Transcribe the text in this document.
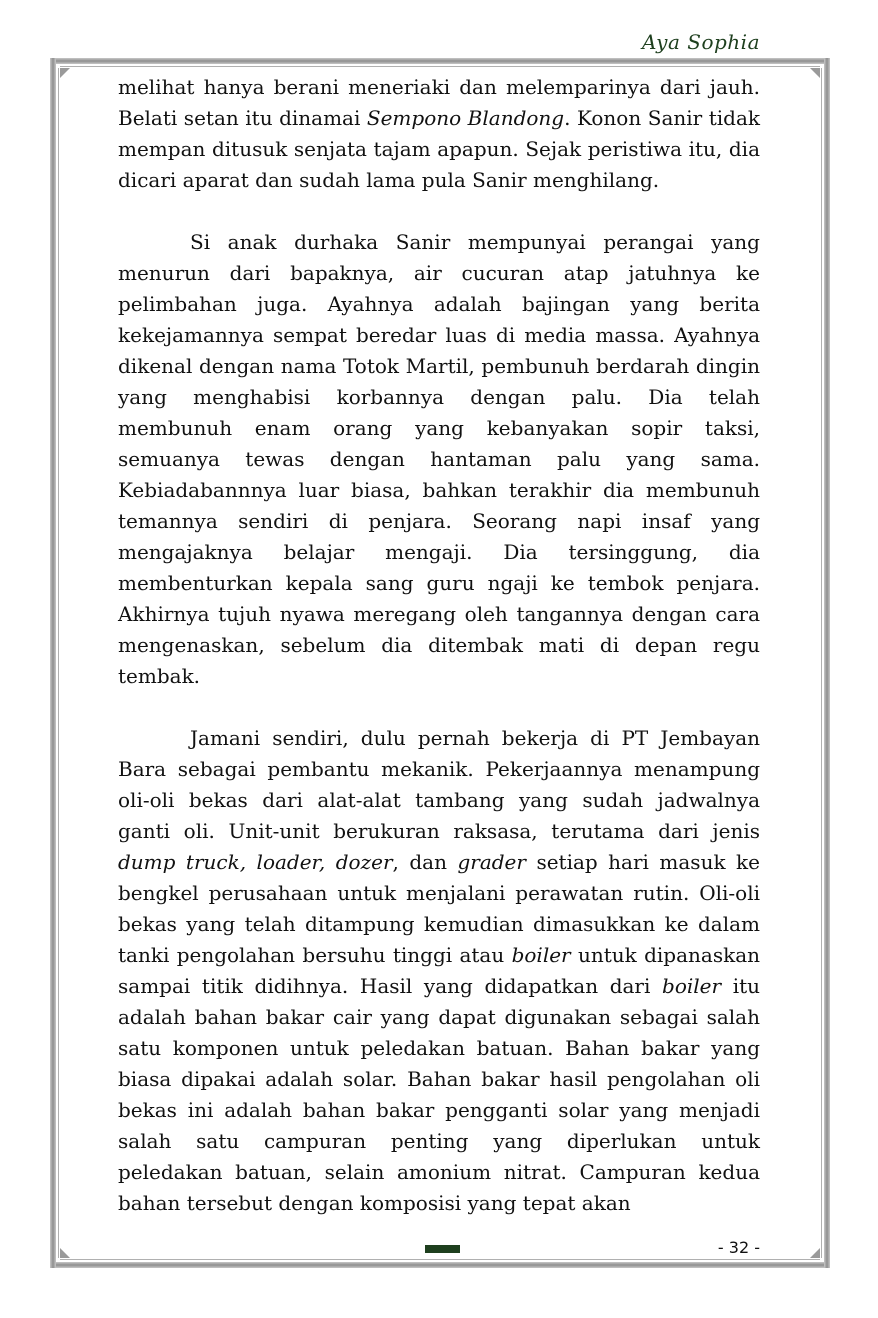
Aya Sophia

melihat hanya berani meneriaki dan melemparinya dari jauh. Belati setan itu dinamai Sempono Blandong. Konon Sanir tidak mempan ditusuk senjata tajam apapun. Sejak peristiwa itu, dia dicari aparat dan sudah lama pula Sanir menghilang.

Si anak durhaka Sanir mempunyai perangai yang menurun dari bapaknya, air cucuran atap jatuhnya ke pelimbahan juga. Ayahnya adalah bajingan yang berita kekejamannya sempat beredar luas di media massa. Ayahnya dikenal dengan nama Totok Martil, pembunuh berdarah dingin yang menghabisi korbannya dengan palu. Dia telah membunuh enam orang yang kebanyakan sopir taksi, semuanya tewas dengan hantaman palu yang sama. Kebiadabannnya luar biasa, bahkan terakhir dia membunuh temannya sendiri di penjara. Seorang napi insaf yang mengajaknya belajar mengaji. Dia tersinggung, dia membenturkan kepala sang guru ngaji ke tembok penjara. Akhirnya tujuh nyawa meregang oleh tangannya dengan cara mengenaskan, sebelum dia ditembak mati di depan regu tembak.

Jamani sendiri, dulu pernah bekerja di PT Jembayan Bara sebagai pembantu mekanik. Pekerjaannya menampung oli-oli bekas dari alat-alat tambang yang sudah jadwalnya ganti oli. Unit-unit berukuran raksasa, terutama dari jenis dump truck, loader, dozer, dan grader setiap hari masuk ke bengkel perusahaan untuk menjalani perawatan rutin. Oli-oli bekas yang telah ditampung kemudian dimasukkan ke dalam tanki pengolahan bersuhu tinggi atau boiler untuk dipanaskan sampai titik didihnya. Hasil yang didapatkan dari boiler itu adalah bahan bakar cair yang dapat digunakan sebagai salah satu komponen untuk peledakan batuan. Bahan bakar yang biasa dipakai adalah solar. Bahan bakar hasil pengolahan oli bekas ini adalah bahan bakar pengganti solar yang menjadi salah satu campuran penting yang diperlukan untuk peledakan batuan, selain amonium nitrat. Campuran kedua bahan tersebut dengan komposisi yang tepat akan

- 32 -
